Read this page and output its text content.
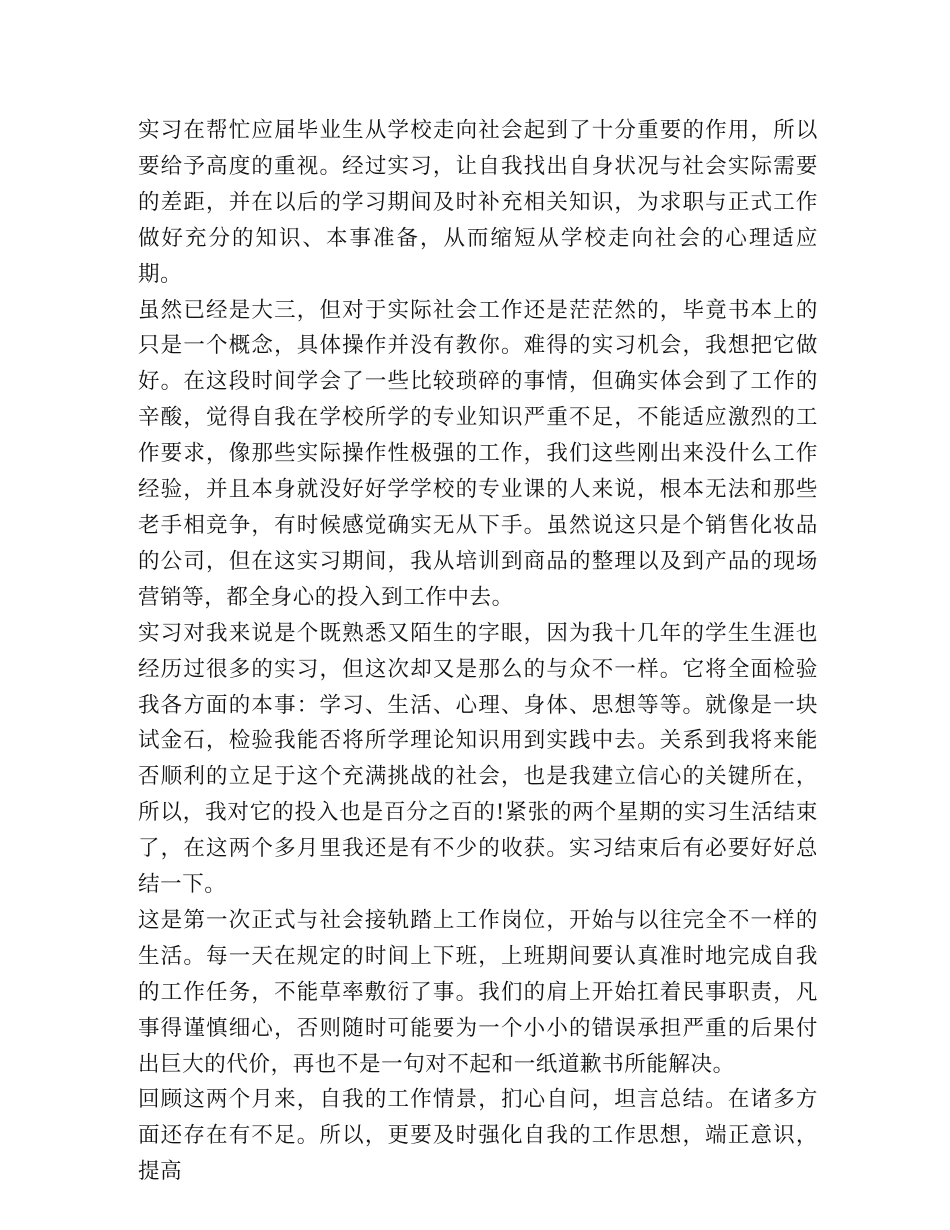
实习在帮忙应届毕业生从学校走向社会起到了十分重要的作用，所以要给予高度的重视。经过实习，让自我找出自身状况与社会实际需要的差距，并在以后的学习期间及时补充相关知识，为求职与正式工作做好充分的知识、本事准备，从而缩短从学校走向社会的心理适应期。

虽然已经是大三，但对于实际社会工作还是茫茫然的，毕竟书本上的只是一个概念，具体操作并没有教你。难得的实习机会，我想把它做好。在这段时间学会了一些比较琐碎的事情，但确实体会到了工作的辛酸，觉得自我在学校所学的专业知识严重不足，不能适应激烈的工作要求，像那些实际操作性极强的工作，我们这些刚出来没什么工作经验，并且本身就没好好学学校的专业课的人来说，根本无法和那些老手相竞争，有时候感觉确实无从下手。虽然说这只是个销售化妆品的公司，但在这实习期间，我从培训到商品的整理以及到产品的现场营销等，都全身心的投入到工作中去。

实习对我来说是个既熟悉又陌生的字眼，因为我十几年的学生生涯也经历过很多的实习，但这次却又是那么的与众不一样。它将全面检验我各方面的本事：学习、生活、心理、身体、思想等等。就像是一块试金石，检验我能否将所学理论知识用到实践中去。关系到我将来能否顺利的立足于这个充满挑战的社会，也是我建立信心的关键所在，所以，我对它的投入也是百分之百的!紧张的两个星期的实习生活结束了，在这两个多月里我还是有不少的收获。实习结束后有必要好好总结一下。

这是第一次正式与社会接轨踏上工作岗位，开始与以往完全不一样的生活。每一天在规定的时间上下班，上班期间要认真准时地完成自我的工作任务，不能草率敷衍了事。我们的肩上开始扛着民事职责，凡事得谨慎细心，否则随时可能要为一个小小的错误承担严重的后果付出巨大的代价，再也不是一句对不起和一纸道歉书所能解决。

回顾这两个月来，自我的工作情景，扪心自问，坦言总结。在诸多方面还存在有不足。所以，更要及时强化自我的工作思想，端正意识，提高
